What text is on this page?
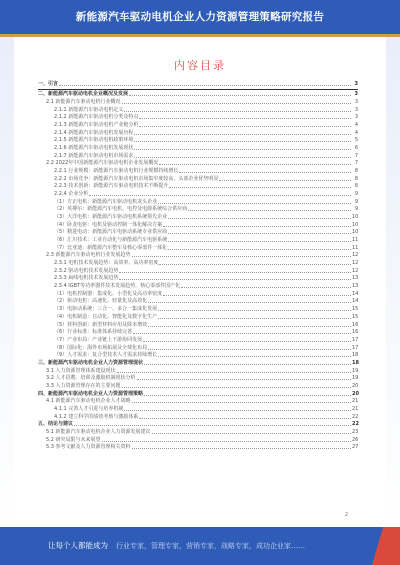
新能源汽车驱动电机企业人力资源管理策略研究报告
内容目录
一、引言	3
二、新能源汽车驱动电机企业概况及发展	3
2.1 新能源汽车驱动电机行业概况	3
2.1.1 新能源汽车驱动电机定义	3
2.1.2 新能源汽车驱动电机分类及特点	3
2.1.3 新能源汽车驱动电机产业链分析	4
2.1.4 新能源汽车驱动电机发展历程	4
2.1.5 新能源汽车驱动电机政策环境	5
2.1.6 新能源汽车驱动电机发展现状	6
2.1.7 新能源汽车驱动电机市场需求	7
2.2 2022年中国新能源汽车驱动电机企业发展概况	7
2.2.1 行业规模：新能源汽车驱动电机行业规模持续增长	8
2.2.2 市场竞争：新能源汽车驱动电机市场集中度较高，头部企业优势明显	8
2.2.3 技术创新：新能源汽车驱动电机技术不断提升	8
2.2.4 企业分析	9
（1）方正电机：新能源汽车驱动电机龙头企业	9
（2）英搏尔：新能源汽车电机、电控及电源系统综合供应商	9
（3）大洋电机：新能源汽车驱动电机系统领先企业	10
（4）卧龙电驱：电机及驱动控制一体化解决方案	10
（5）精进电动：新能源汽车电驱动系统专业供应商	10
（6）汇川技术：工业自动化与新能源汽车电驱系统	11
（7）比亚迪：新能源汽车整车及核心零部件一体化	11
2.3 新能源汽车驱动电机行业发展趋势	12
2.3.1 电机技术发展趋势：高效率、高功率密度	12
2.3.2 驱动电机技术发展趋势	12
2.3.3 扁线电机技术发展趋势	13
2.3.4 IGBT等功率器件技术发展趋势，核心零部件国产化	13
（1）电机控制器：集成化、小型化及高功率密度	14
（2）驱动电机：高速化、轻量化及高效化	14
（3）电驱动系统：三合一、多合一集成化发展	15
（4）电机制造：自动化、智能化及数字化生产	15
（5）材料创新：新型材料应用及降本增效	16
（6）行业标准：标准体系持续完善	16
（7）产业布局：产业链上下游协同发展	17
（8）国际化：海外市场拓展及全球化布局	17
（9）人才需求：复合型技术人才需求持续增长	18
三、新能源汽车驱动电机企业人力资源管理现状	18
3.1 人力资源管理体系建设现状	19
3.2 人才招聘、培训及激励机制现状分析	19
3.3 人力资源管理存在的主要问题	20
四、新能源汽车驱动电机企业人力资源管理策略	20
4.1 新能源汽车驱动电机企业人才战略	21
4.1.1 完善人才引进与培养机制	21
4.1.2 建立科学的绩效考核与激励体系	22
五、结论与建议	22
5.1 新能源汽车驱动电机企业人力资源发展建议	23
5.2 研究局限与未来展望	26
5.3 参考文献及人力资源管理相关资料	27
2
让每个人都能成为 行业专家，管理专家，营销专家，战略专家，成功企业家……
